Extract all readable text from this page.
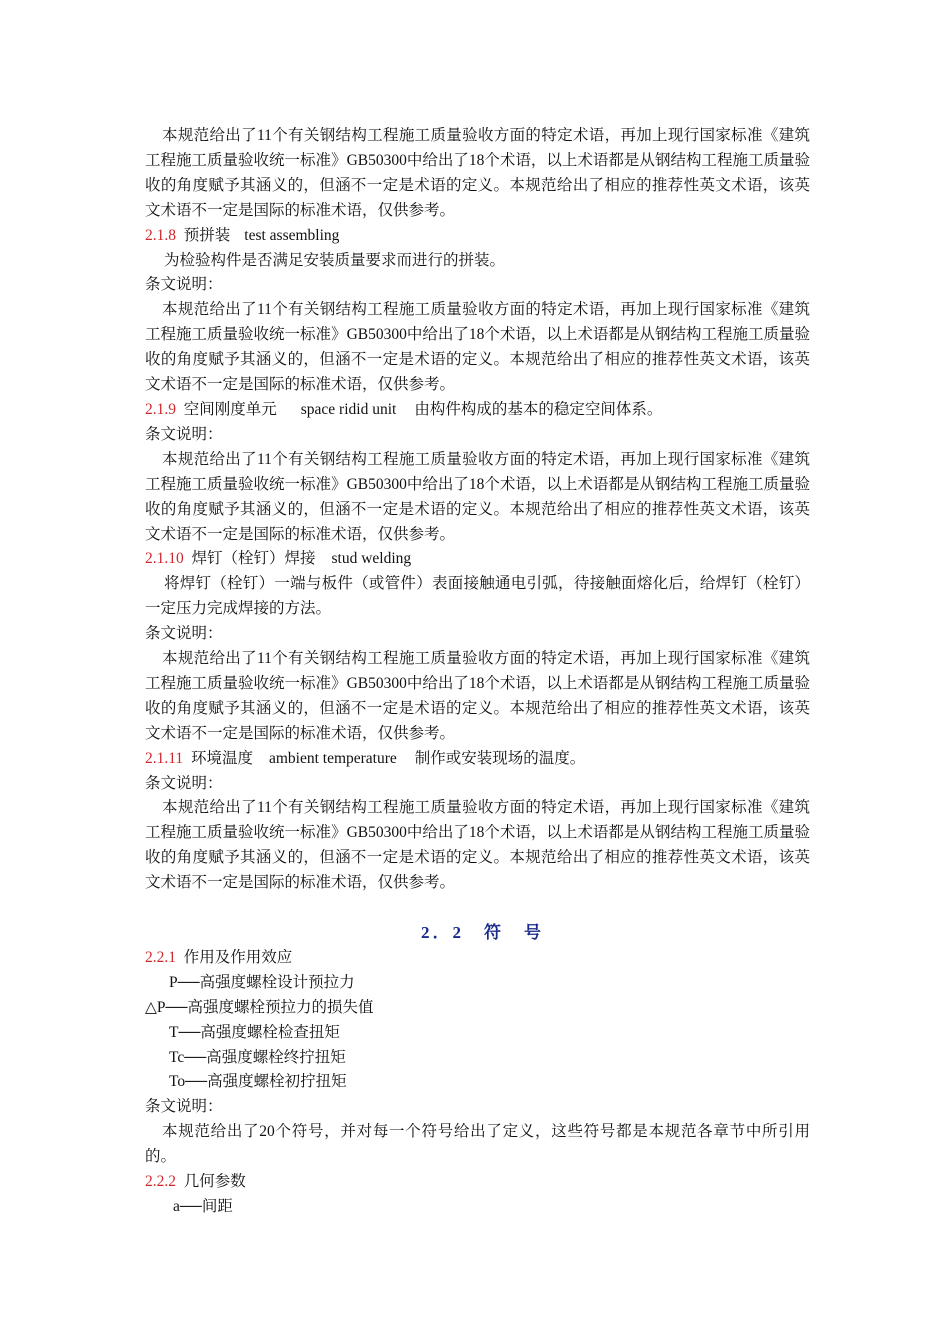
本规范给出了11个有关钢结构工程施工质量验收方面的特定术语，再加上现行国家标准《建筑工程施工质量验收统一标准》GB50300中给出了18个术语，以上术语都是从钢结构工程施工质量验收的角度赋予其涵义的，但涵不一定是术语的定义。本规范给出了相应的推荐性英文术语，该英文术语不一定是国际的标准术语，仅供参考。
2.1.8 预拼装 test assembling
为检验构件是否满足安装质量要求而进行的拼装。
条文说明：
本规范给出了11个有关钢结构工程施工质量验收方面的特定术语，再加上现行国家标准《建筑工程施工质量验收统一标准》GB50300中给出了18个术语，以上术语都是从钢结构工程施工质量验收的角度赋予其涵义的，但涵不一定是术语的定义。本规范给出了相应的推荐性英文术语，该英文术语不一定是国际的标准术语，仅供参考。
2.1.9 空间刚度单元 space ridid unit 由构件构成的基本的稳定空间体系。
条文说明：
本规范给出了11个有关钢结构工程施工质量验收方面的特定术语，再加上现行国家标准《建筑工程施工质量验收统一标准》GB50300中给出了18个术语，以上术语都是从钢结构工程施工质量验收的角度赋予其涵义的，但涵不一定是术语的定义。本规范给出了相应的推荐性英文术语，该英文术语不一定是国际的标准术语，仅供参考。
2.1.10 焊钉（栓钉）焊接 stud welding
将焊钉（栓钉）一端与板件（或管件）表面接触通电引弧，待接触面熔化后，给焊钉（栓钉）一定压力完成焊接的方法。
条文说明：
本规范给出了11个有关钢结构工程施工质量验收方面的特定术语，再加上现行国家标准《建筑工程施工质量验收统一标准》GB50300中给出了18个术语，以上术语都是从钢结构工程施工质量验收的角度赋予其涵义的，但涵不一定是术语的定义。本规范给出了相应的推荐性英文术语，该英文术语不一定是国际的标准术语，仅供参考。
2.1.11 环境温度 ambient temperature 制作或安装现场的温度。
条文说明：
本规范给出了11个有关钢结构工程施工质量验收方面的特定术语，再加上现行国家标准《建筑工程施工质量验收统一标准》GB50300中给出了18个术语，以上术语都是从钢结构工程施工质量验收的角度赋予其涵义的，但涵不一定是术语的定义。本规范给出了相应的推荐性英文术语，该英文术语不一定是国际的标准术语，仅供参考。
2．2　符　号
2.2.1 作用及作用效应
P──高强度螺栓设计预拉力
△P──高强度螺栓预拉力的损失值
T──高强度螺栓检查扭矩
Tc──高强度螺栓终拧扭矩
To──高强度螺栓初拧扭矩
条文说明：
本规范给出了20个符号，并对每一个符号给出了定义，这些符号都是本规范各章节中所引用的。
2.2.2 几何参数
a──间距
